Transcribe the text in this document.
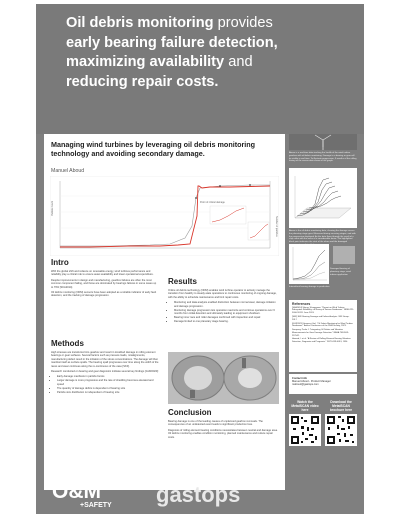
Oil debris monitoring provides
early bearing failure detection,
maximizing availability and
reducing repair costs.
Managing wind turbines by leveraging oil debris monitoring technology and avoiding secondary damage.
Manuel Aboud
Particle Count
Number of particles
Point of critical damage
Intro

With the global shift and reliance on renewable energy, wind turbines performance and reliability play a critical role to ensure asset availability and lower operational expenditure.

Despite improvements in design and manufacturing, gearbox failures are often the most common component failing, and those are dominated by bearings failures in some cases up to 76% [SKA2014].

Oil debris monitoring (ODM) sensors have been adopted as a reliable indicator of early fault detection, and the tracking of damage progression.

Methods

High stresses are transferred into gearbox and result in localized damage in rolling element bearings or gear surfaces. Several factors such as pressure loads, misalignments, manufacturing defect result in the initiation of the stress concentrations. The damage will then manifest itself as surface spalls. The bearing spall progresses over time along the width of the races and wear continues along the re-continuous of the case [SKF].

Research conducted on bearing and gear diagnostic indicate several key findings [GUR2023]:

• Early damage manifests in particle bursts
• Larger damage is more progressive and the rate of shedding becomes elevated and speed
• The quantity of damage debris is dependent of bearing size
• Particle size distribution is independent of bearing size
Results

Online oil debris technology (ODM) enables wind turbine operator to actively manage the transition from healthy to steady-state operations to continuous monitoring of ongoing damage, with the ability to schedule maintenance and limit repair costs.

• Monitoring and data analysis enabled distinction between normal wear, damage initiation and damage progression.
• Monitoring damage progression lets operation maximize and continue operations over 6 months from initial detection and ultimately leading to equipment shutdown.
• Bearing inner race and roller damages confirmed with inspection and repair.
• Damage limited to one planetary stage bearing.
Conclusion

Bearing damage is one of the leading causes of unplanned gearbox removals. The consequences of an undetected event leads to significant production loss.

Diagnosis of rolling element bearing conditions necessitates between neutral and damage area. Oil debris monitoring enables condition monitoring, planned maintenance and reduce repair costs.

Above is a real-time data tracking the health of the wind turbine gearbox with oil debris monitoring. Damage to a bearing or gear will be visible in real time. To illustrate progression, 3 months of the rolling history of the sensor data shown in the graph.
Above is the oil debris monitoring data, showing the damage across the planetary stage gear. Measured during recurring stages, and with the progression displayed. As the data flows through the result of a chip count with the mass of a considerable factor. The highlighted block point indicates the start of the alarm and the damaged
Damaged bearing of planetary stage, wind turbine application
Intermittent bearing damage in production
References

[SKA2014] Sheng, Shuangwen. "Report on Wind Turbine Subsystem Reliability - A Survey of Various Databases." NREL/PR-5000-59111. June 2013.

[SKF] SKF Bearing Damage and Failure Analysis. SKF Group. 2017.

[GUR2023] Gurgenci, Hal. "Oil Debris Monitoring for Wind Turbine Gearboxes." Annual Conference of the PHM Society, 2023.

Dempsey, Paula J. "Integrating Oil Debris and Vibration Measurements for Gear Damage Detection." NASA TM-2003-212542.

Howard, I. et al. "A Review of Rolling Element Bearing Vibration: Detection, Diagnosis and Prognosis." DSTO-RR-0013, 1994.

Contact info
Manuel Aboud - Product Manager
maboud@gastops.com
Watch the MetalSCAN video here
Download the MetalSCAN brochure here
O&M
+SAFETY gastops
